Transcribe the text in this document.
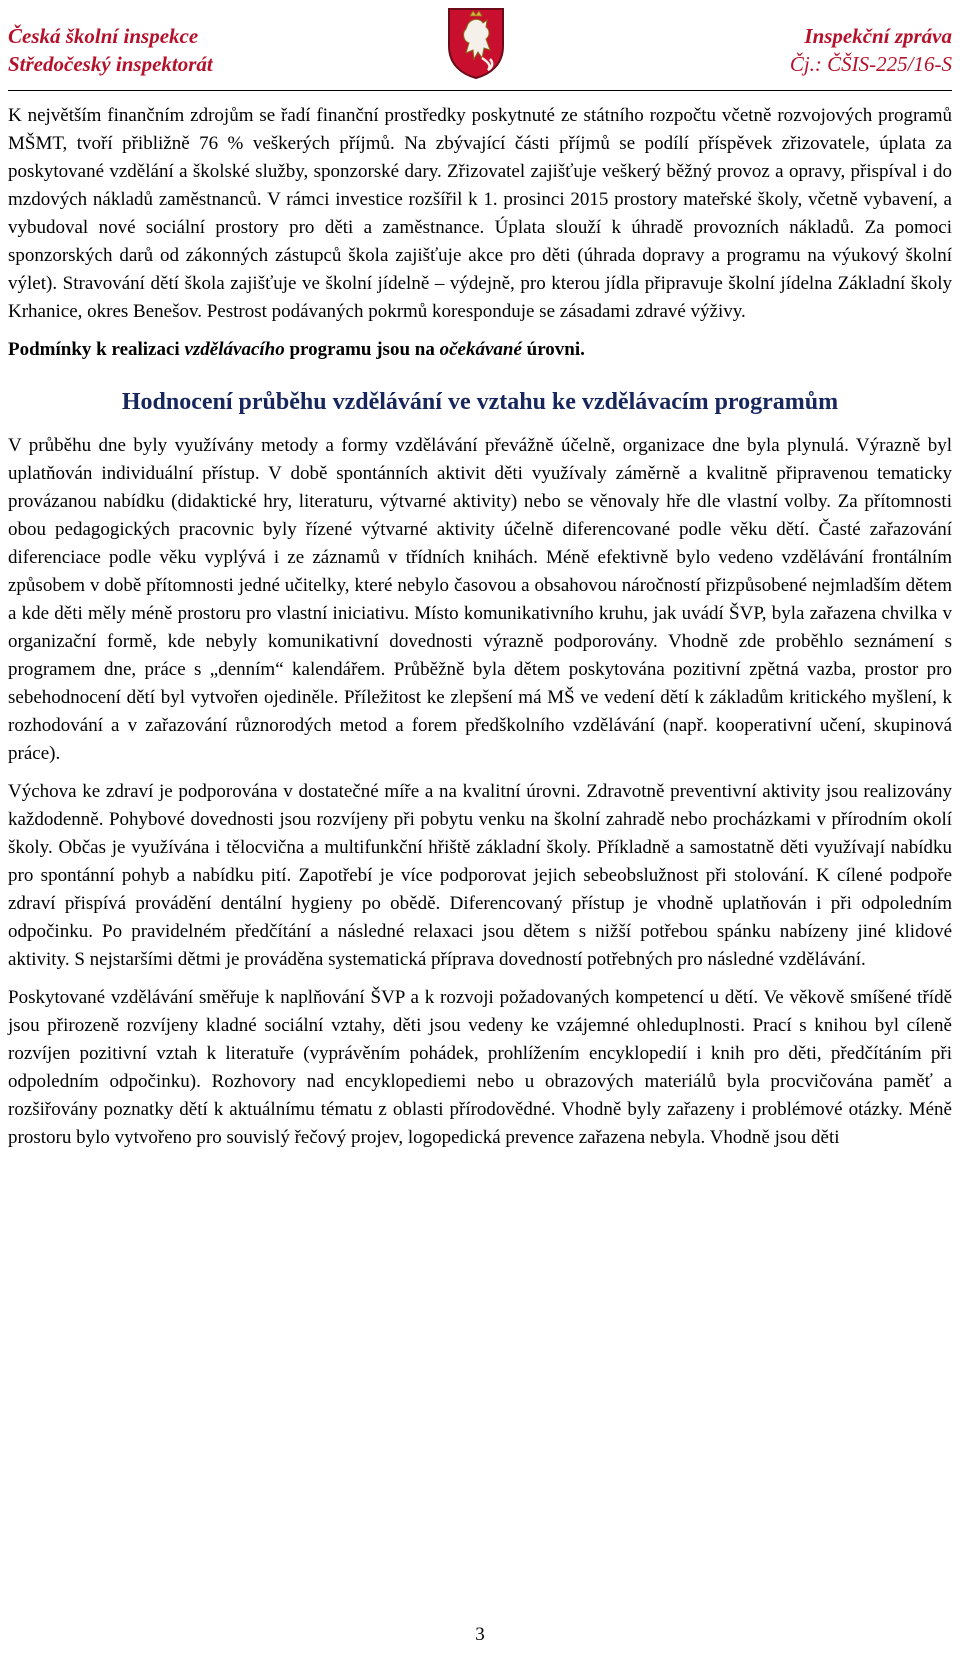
Česká školní inspekce
Středočeský inspektorát
Inspekční zpráva
Čj.: ČŠIS-225/16-S

K největším finančním zdrojům se řadí finanční prostředky poskytnuté ze státního rozpočtu včetně rozvojových programů MŠMT, tvoří přibližně 76 % veškerých příjmů. Na zbývající části příjmů se podílí příspěvek zřizovatele, úplata za poskytované vzdělání a školské služby, sponzorské dary. Zřizovatel zajišťuje veškerý běžný provoz a opravy, přispíval i do mzdových nákladů zaměstnanců. V rámci investice rozšířil k 1. prosinci 2015 prostory mateřské školy, včetně vybavení, a vybudoval nové sociální prostory pro děti a zaměstnance. Úplata slouží k úhradě provozních nákladů. Za pomoci sponzorských darů od zákonných zástupců škola zajišťuje akce pro děti (úhrada dopravy a programu na výukový školní výlet). Stravování dětí škola zajišťuje ve školní jídelně – výdejně, pro kterou jídla připravuje školní jídelna Základní školy Krhanice, okres Benešov. Pestrost podávaných pokrmů koresponduje se zásadami zdravé výživy.

Podmínky k realizaci vzdělávacího programu jsou na očekávané úrovni.
Hodnocení průběhu vzdělávání ve vztahu ke vzdělávacím programům

V průběhu dne byly využívány metody a formy vzdělávání převážně účelně, organizace dne byla plynulá. Výrazně byl uplatňován individuální přístup. V době spontánních aktivit děti využívaly záměrně a kvalitně připravenou tematicky provázanou nabídku (didaktické hry, literaturu, výtvarné aktivity) nebo se věnovaly hře dle vlastní volby. Za přítomnosti obou pedagogických pracovnic byly řízené výtvarné aktivity účelně diferencované podle věku dětí. Časté zařazování diferenciace podle věku vyplývá i ze záznamů v třídních knihách. Méně efektivně bylo vedeno vzdělávání frontálním způsobem v době přítomnosti jedné učitelky, které nebylo časovou a obsahovou náročností přizpůsobené nejmladším dětem a kde děti měly méně prostoru pro vlastní iniciativu. Místo komunikativního kruhu, jak uvádí ŠVP, byla zařazena chvilka v organizační formě, kde nebyly komunikativní dovednosti výrazně podporovány. Vhodně zde proběhlo seznámení s programem dne, práce s „denním“ kalendářem. Průběžně byla dětem poskytována pozitivní zpětná vazba, prostor pro sebehodnocení dětí byl vytvořen ojediněle. Příležitost ke zlepšení má MŠ ve vedení dětí k základům kritického myšlení, k rozhodování a v zařazování různorodých metod a forem předškolního vzdělávání (např. kooperativní učení, skupinová práce).

Výchova ke zdraví je podporována v dostatečné míře a na kvalitní úrovni. Zdravotně preventivní aktivity jsou realizovány každodenně. Pohybové dovednosti jsou rozvíjeny při pobytu venku na školní zahradě nebo procházkami v přírodním okolí školy. Občas je využívána i tělocvična a multifunkční hřiště základní školy. Příkladně a samostatně děti využívají nabídku pro spontánní pohyb a nabídku pití. Zapotřebí je více podporovat jejich sebeobslužnost při stolování. K cílené podpoře zdraví přispívá provádění dentální hygieny po obědě. Diferencovaný přístup je vhodně uplatňován i při odpoledním odpočinku. Po pravidelném předčítání a následné relaxaci jsou dětem s nižší potřebou spánku nabízeny jiné klidové aktivity. S nejstaršími dětmi je prováděna systematická příprava dovedností potřebných pro následné vzdělávání.

Poskytované vzdělávání směřuje k naplňování ŠVP a k rozvoji požadovaných kompetencí u dětí. Ve věkově smíšené třídě jsou přirozeně rozvíjeny kladné sociální vztahy, děti jsou vedeny ke vzájemné ohleduplnosti. Prací s knihou byl cíleně rozvíjen pozitivní vztah k literatuře (vyprávěním pohádek, prohlížením encyklopedií i knih pro děti, předčítáním při odpoledním odpočinku). Rozhovory nad encyklopediemi nebo u obrazových materiálů byla procvičována paměť a rozšiřovány poznatky dětí k aktuálnímu tématu z oblasti přírodovědné. Vhodně byly zařazeny i problémové otázky. Méně prostoru bylo vytvořeno pro souvislý řečový projev, logopedická prevence zařazena nebyla. Vhodně jsou děti

3
